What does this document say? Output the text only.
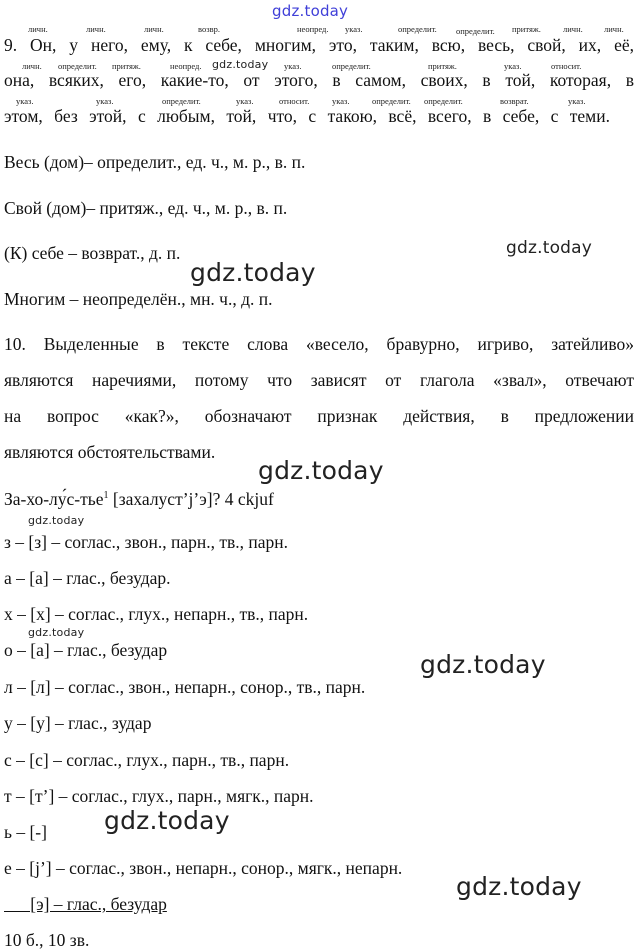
gdz.today
личн.	личн.	личн.	возвр.	неопред. указ.	определит. определит. притяж.	личн.	личн.
9. Он, у него, ему, к себе, многим, это, таким, всю, весь, свой, их, её,
личн. определит. притяж.	неопред. gdz.today указ.	определит.	притяж.	указ.	относит.
она, всяких, его, какие-то, от этого, в самом, своих, в той, которая, в
указ.	указ.	определит.	указ.	относит.	указ.	определит. определит.	возврат.	указ.
этом, без этой, с любым, той, что, с такою, всё, всего, в себе, с теми.
Весь (дом)– определит., ед. ч., м. р., в. п.
Свой (дом)– притяж., ед. ч., м. р., в. п.
(К) себе – возврат., д. п.	gdz.today
gdz.today
Многим – неопределён., мн. ч., д. п.
10. Выделенные в тексте слова «весело, бравурно, игриво, затейливо»
являются наречиями, потому что зависят от глагола «звал», отвечают
на вопрос «как?», обозначают признак действия, в предложении
являются обстоятельствами.
gdz.today
За-хо-лу́с-тье$^1$ [захалуст’j’э]? 4 ckjuf
gdz.today
з – [з] – соглас., звон., парн., тв., парн.
а – [а] – глас., безудар.
х – [х] – соглас., глух., непарн., тв., парн.
gdz.today
о – [а] – глас., безудар	gdz.today
л – [л] – соглас., звон., непарн., сонор., тв., парн.
у – [у] – глас., зудар
с – [с] – соглас., глух., парн., тв., парн.
т – [т’] – соглас., глух., парн., мягк., парн.
gdz.today
ь – [-]
е – [j’] – соглас., звон., непарн., сонор., мягк., непарн.
gdz.today
[э] – глас., безудар
10 б., 10 зв.
